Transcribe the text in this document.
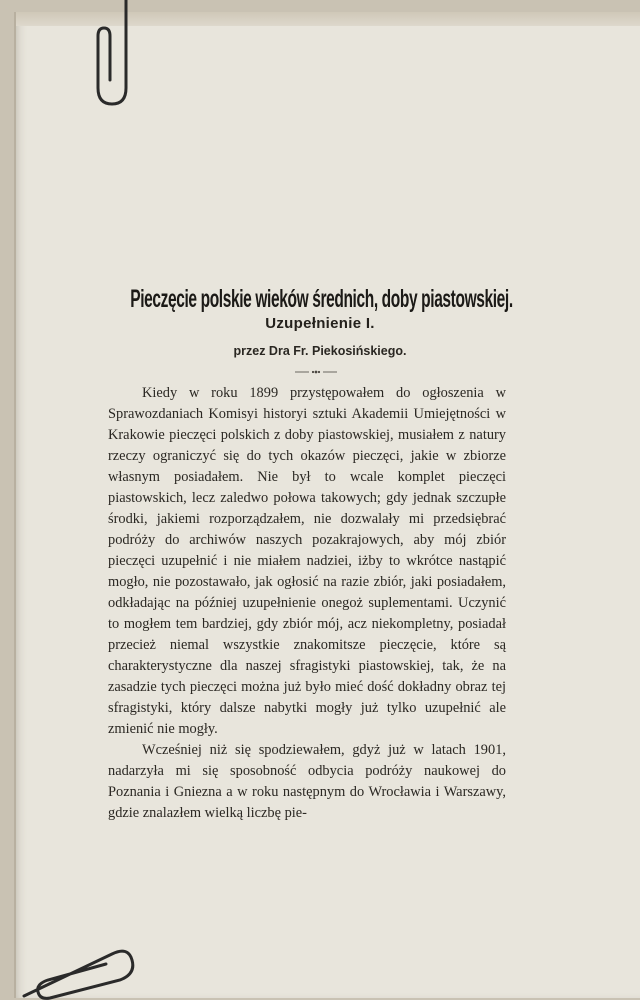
Pieczęcie polskie wieków średnich, doby piastowskiej.
Uzupełnienie I.
przez Dra Fr. Piekosińskiego.

Kiedy w roku 1899 przystępowałem do ogłoszenia w Sprawozdaniach Komisyi historyi sztuki Akademii Umiejętności w Krakowie pieczęci polskich z doby piastowskiej, musiałem z natury rzeczy ograniczyć się do tych okazów pieczęci, jakie w zbiorze własnym posiadałem. Nie był to wcale komplet pieczęci piastowskich, lecz zaledwo połowa takowych; gdy jednak szczupłe środki, jakiemi rozporządzałem, nie dozwalały mi przedsiębrać podróży do archiwów naszych pozakrajowych, aby mój zbiór pieczęci uzupełnić i nie miałem nadziei, iżby to wkrótce nastąpić mogło, nie pozostawało, jak ogłosić na razie zbiór, jaki posiadałem, odkładając na później uzupełnienie onegoż suplementami. Uczynić to mogłem tem bardziej, gdy zbiór mój, acz niekompletny, posiadał przecież niemal wszystkie znakomitsze pieczęcie, które są charakterystyczne dla naszej sfragistyki piastowskiej, tak, że na zasadzie tych pieczęci można już było mieć dość dokładny obraz tej sfragistyki, który dalsze nabytki mogły już tylko uzupełnić ale zmienić nie mogły.

Wcześniej niż się spodziewałem, gdyż już w latach 1901, nadarzyła mi się sposobność odbycia podróży naukowej do Poznania i Gniezna a w roku następnym do Wrocławia i Warszawy, gdzie znalazłem wielką liczbę pie-
